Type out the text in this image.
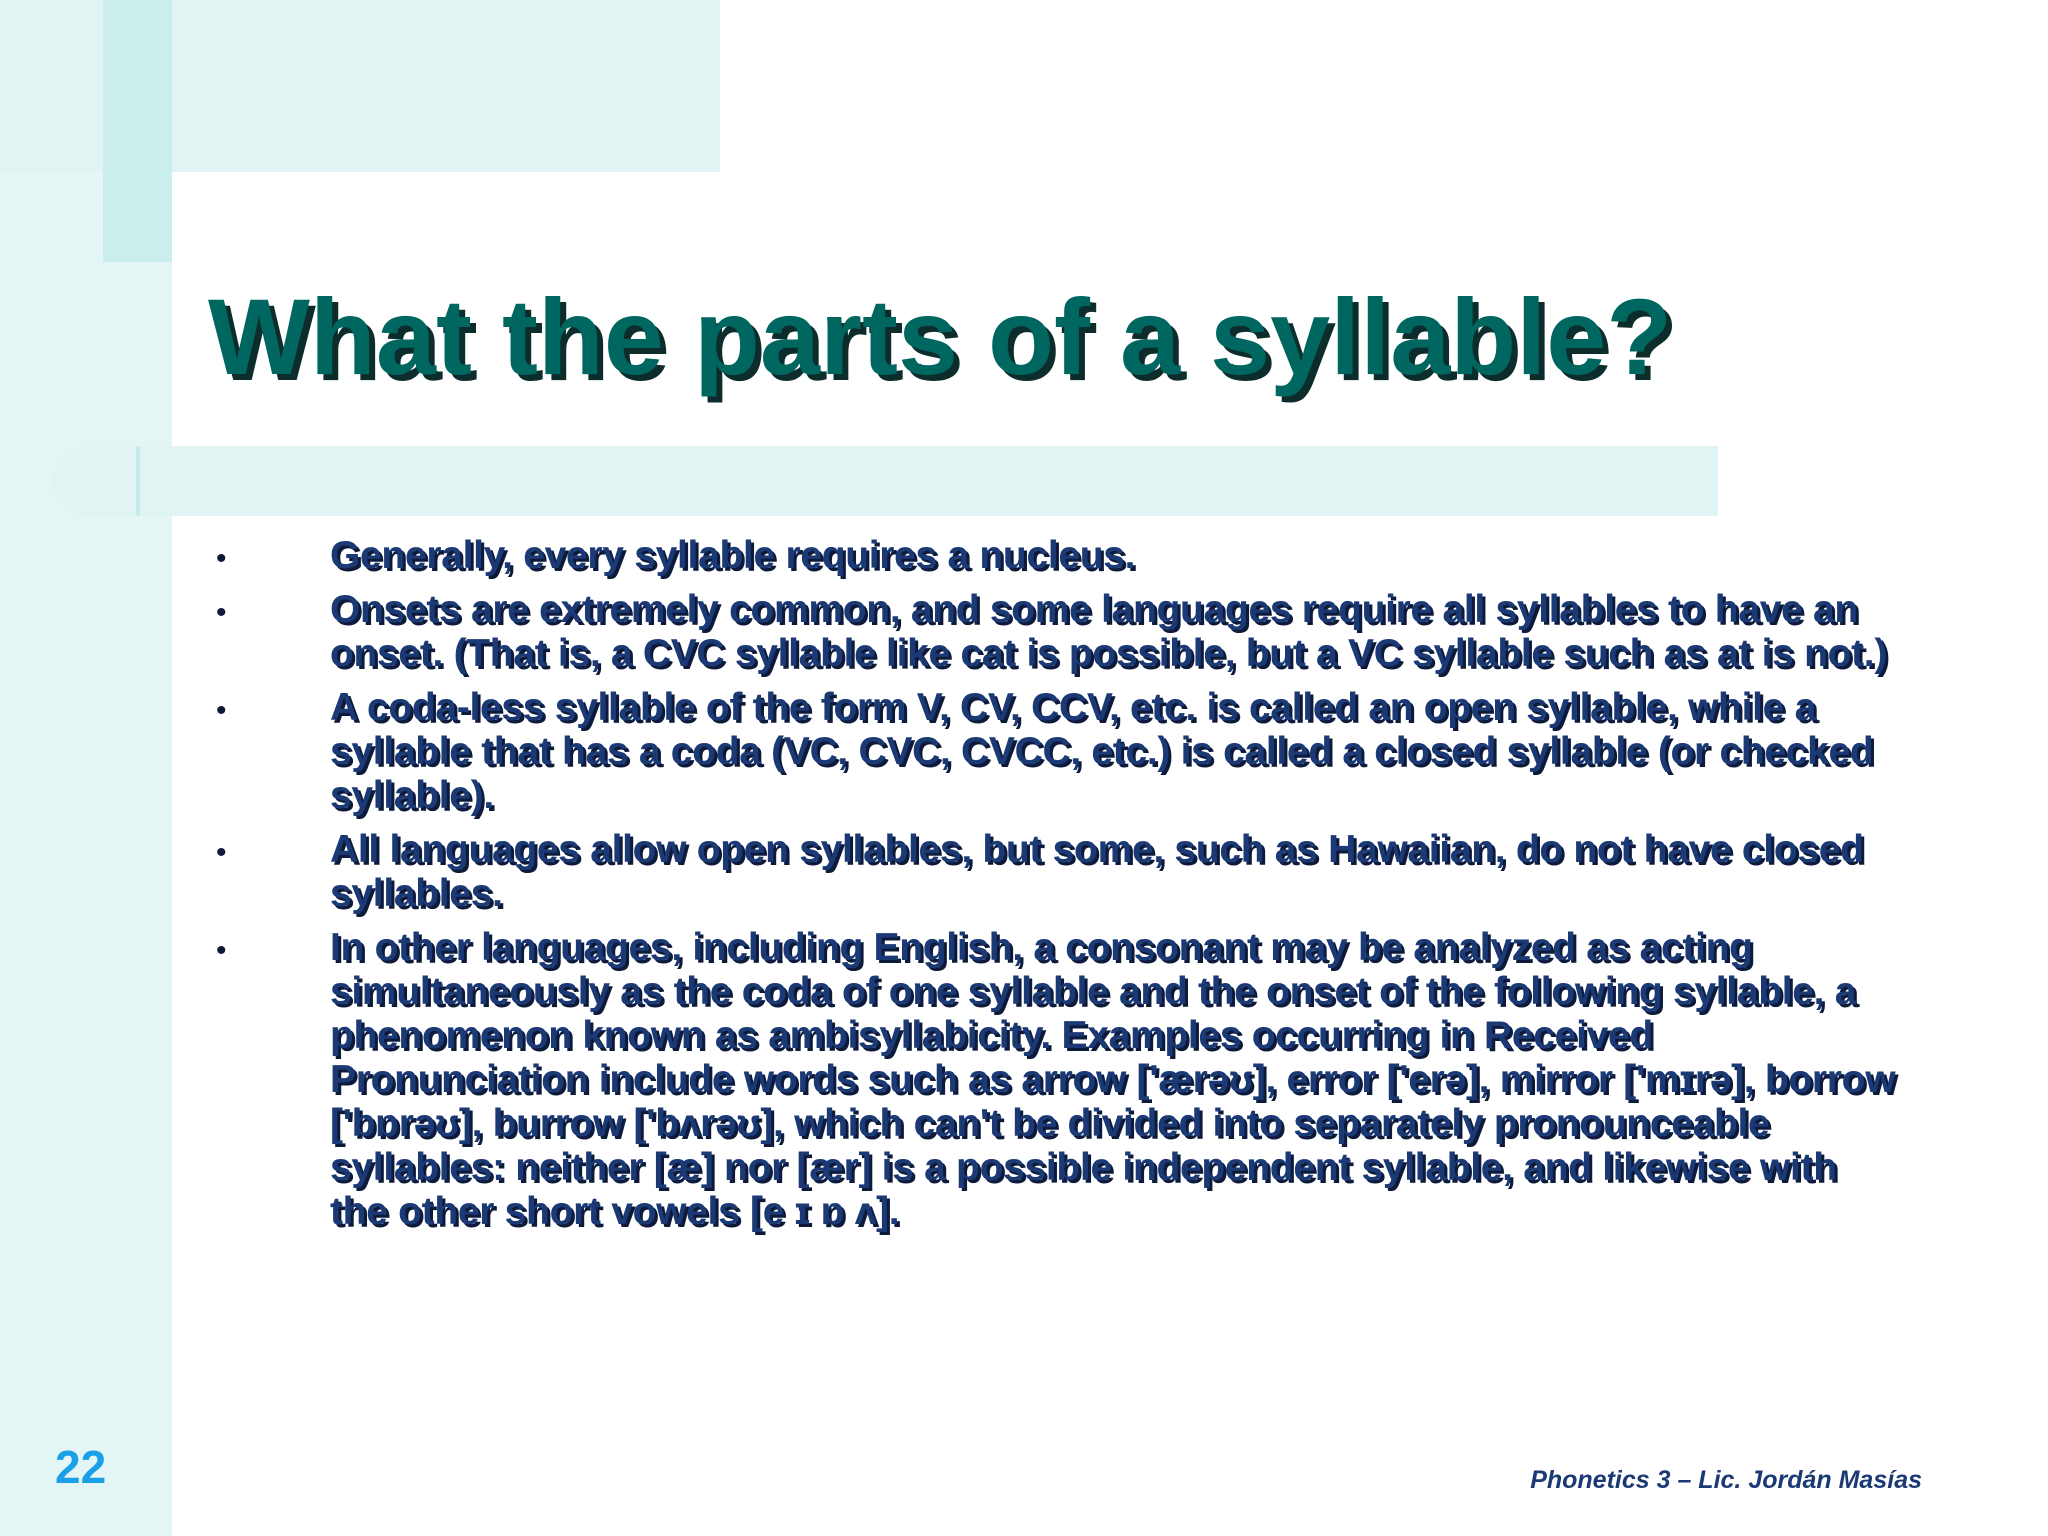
What the parts of a syllable?
•	Generally, every syllable requires a nucleus.
•	Onsets are extremely common, and some languages require all syllables to have an onset. (That is, a CVC syllable like cat is possible, but a VC syllable such as at is not.)
•	A coda-less syllable of the form V, CV, CCV, etc. is called an open syllable, while a syllable that has a coda (VC, CVC, CVCC, etc.) is called a closed syllable (or checked syllable).
•	All languages allow open syllables, but some, such as Hawaiian, do not have closed syllables.
•	In other languages, including English, a consonant may be analyzed as acting simultaneously as the coda of one syllable and the onset of the following syllable, a phenomenon known as ambisyllabicity. Examples occurring in Received Pronunciation include words such as arrow ['ærəʊ], error ['erə], mirror ['mɪrə], borrow ['bɒrəʊ], burrow ['bʌrəʊ], which can't be divided into separately pronounceable syllables: neither [æ] nor [ær] is a possible independent syllable, and likewise with the other short vowels [e ɪ ɒ ʌ].
22	Phonetics 3 – Lic. Jordán Masías
